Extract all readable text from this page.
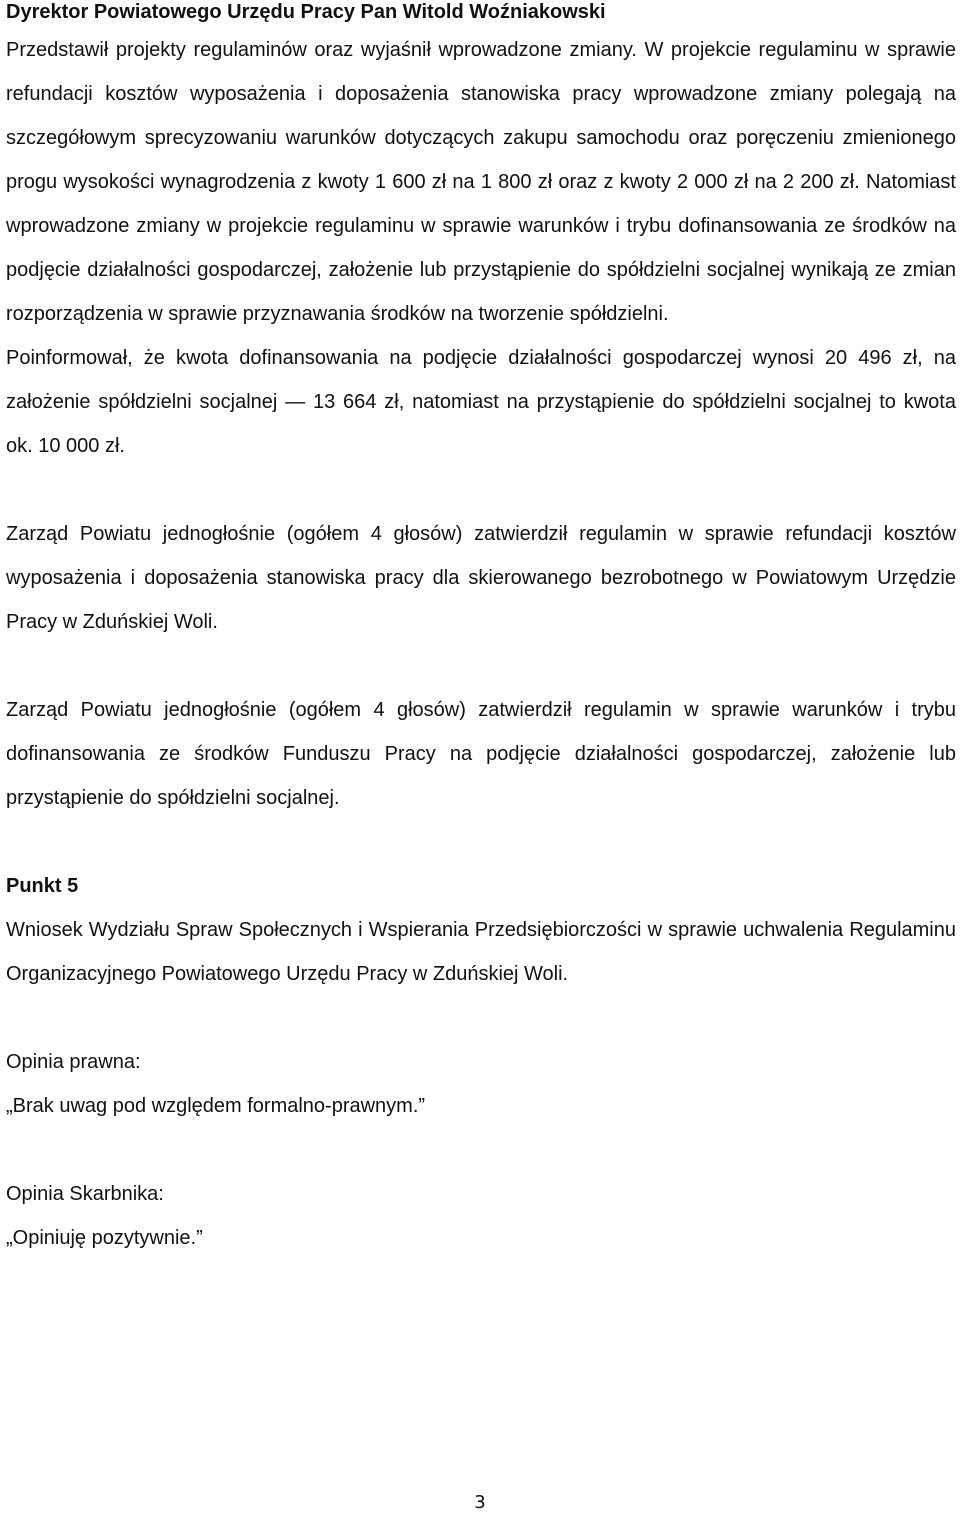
Dyrektor Powiatowego Urzędu Pracy Pan Witold Woźniakowski

Przedstawił projekty regulaminów oraz wyjaśnił wprowadzone zmiany. W projekcie regulaminu w sprawie refundacji kosztów wyposażenia i doposażenia stanowiska pracy wprowadzone zmiany polegają na szczegółowym sprecyzowaniu warunków dotyczących zakupu samochodu oraz poręczeniu zmienionego progu wysokości wynagrodzenia z kwoty 1 600 zł na 1 800 zł oraz z kwoty 2 000 zł na 2 200 zł. Natomiast wprowadzone zmiany w projekcie regulaminu w sprawie warunków i trybu dofinansowania ze środków na podjęcie działalności gospodarczej, założenie lub przystąpienie do spółdzielni socjalnej wynikają ze zmian rozporządzenia w sprawie przyznawania środków na tworzenie spółdzielni.

Poinformował, że kwota dofinansowania na podjęcie działalności gospodarczej wynosi 20 496 zł, na założenie spółdzielni socjalnej — 13 664 zł, natomiast na przystąpienie do spółdzielni socjalnej to kwota ok. 10 000 zł.

Zarząd Powiatu jednogłośnie (ogółem 4 głosów) zatwierdził regulamin w sprawie refundacji kosztów wyposażenia i doposażenia stanowiska pracy dla skierowanego bezrobotnego w Powiatowym Urzędzie Pracy w Zduńskiej Woli.

Zarząd Powiatu jednogłośnie (ogółem 4 głosów) zatwierdził regulamin w sprawie warunków i trybu dofinansowania ze środków Funduszu Pracy na podjęcie działalności gospodarczej, założenie lub przystąpienie do spółdzielni socjalnej.

Punkt 5

Wniosek Wydziału Spraw Społecznych i Wspierania Przedsiębiorczości w sprawie uchwalenia Regulaminu Organizacyjnego Powiatowego Urzędu Pracy w Zduńskiej Woli.

Opinia prawna:

„Brak uwag pod względem formalno-prawnym.”

Opinia Skarbnika:

„Opiniuję pozytywnie.”

3
